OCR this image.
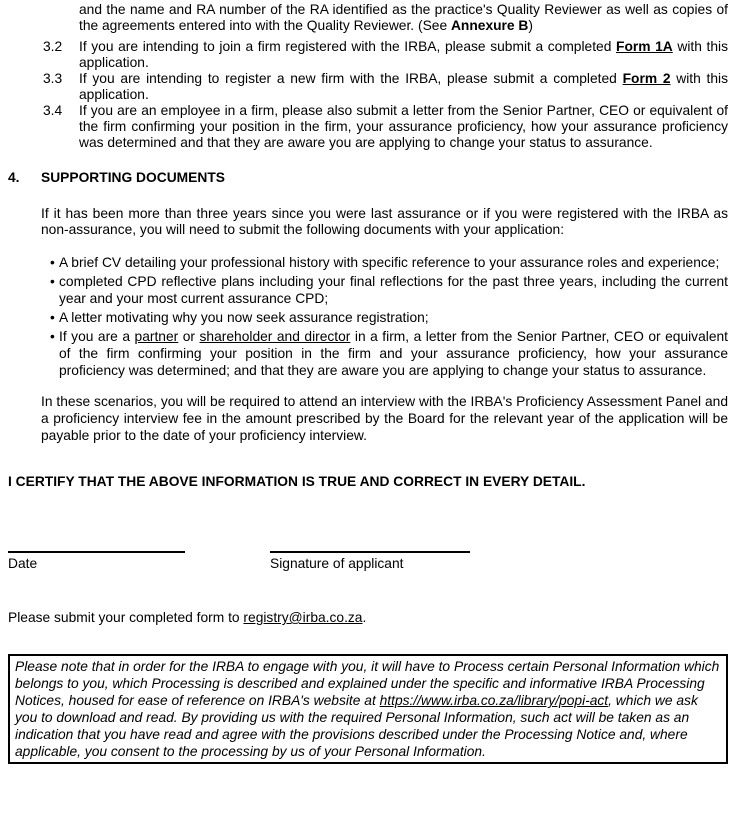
and the name and RA number of the RA identified as the practice's Quality Reviewer as well as copies of the agreements entered into with the Quality Reviewer. (See Annexure B)

3.2	If you are intending to join a firm registered with the IRBA, please submit a completed Form 1A with this application.
3.3	If you are intending to register a new firm with the IRBA, please submit a completed Form 2 with this application.
3.4	If you are an employee in a firm, please also submit a letter from the Senior Partner, CEO or equivalent of the firm confirming your position in the firm, your assurance proficiency, how your assurance proficiency was determined and that they are aware you are applying to change your status to assurance.
4.	SUPPORTING DOCUMENTS

If it has been more than three years since you were last assurance or if you were registered with the IRBA as non-assurance, you will need to submit the following documents with your application:

• A brief CV detailing your professional history with specific reference to your assurance roles and experience;
• completed CPD reflective plans including your final reflections for the past three years, including the current year and your most current assurance CPD;
• A letter motivating why you now seek assurance registration;
• If you are a partner or shareholder and director in a firm, a letter from the Senior Partner, CEO or equivalent of the firm confirming your position in the firm and your assurance proficiency, how your assurance proficiency was determined; and that they are aware you are applying to change your status to assurance.

In these scenarios, you will be required to attend an interview with the IRBA's Proficiency Assessment Panel and a proficiency interview fee in the amount prescribed by the Board for the relevant year of the application will be payable prior to the date of your proficiency interview.

I CERTIFY THAT THE ABOVE INFORMATION IS TRUE AND CORRECT IN EVERY DETAIL.

Date	Signature of applicant

Please submit your completed form to registry@irba.co.za.

Please note that in order for the IRBA to engage with you, it will have to Process certain Personal Information which belongs to you, which Processing is described and explained under the specific and informative IRBA Processing Notices, housed for ease of reference on IRBA's website at https://www.irba.co.za/library/popi-act, which we ask you to download and read. By providing us with the required Personal Information, such act will be taken as an indication that you have read and agree with the provisions described under the Processing Notice and, where applicable, you consent to the processing by us of your Personal Information.
